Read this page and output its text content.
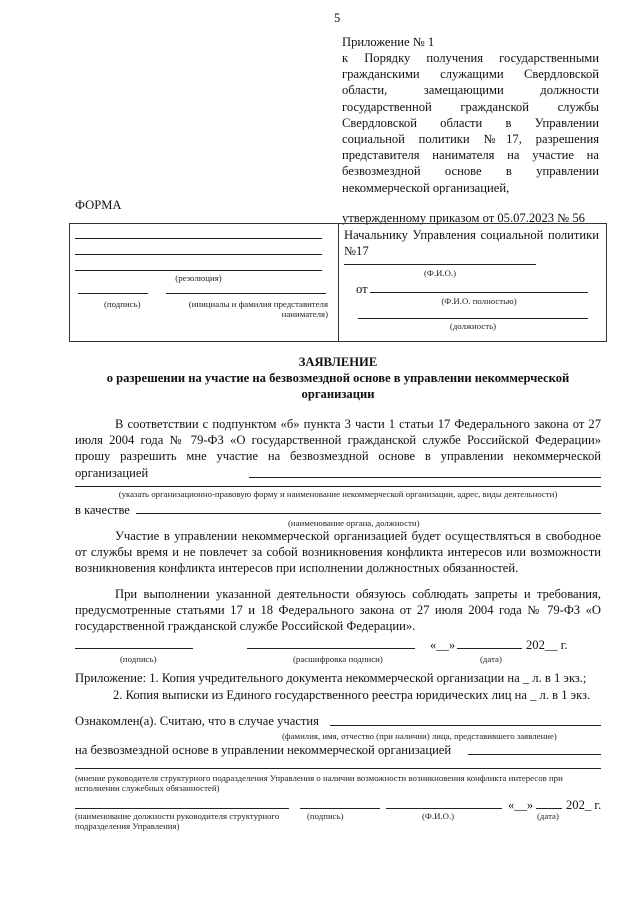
5
Приложение № 1
к Порядку получения государственными гражданскими служащими Свердловской области, замещающими должности государственной гражданской службы Свердловской области в Управлении социальной политики №17, разрешения представителя нанимателя на участие на безвозмездной основе в управлении некоммерческой организацией,
утвержденному приказом от 05.07.2023 № 56
ФОРМА
(резолюция)
(подпись)	(инициалы и фамилия представителя нанимателя)
Начальнику Управления социальной политики №17
(Ф.И.О.)
от
(Ф.И.О. полностью)
(должность)
ЗАЯВЛЕНИЕ
о разрешении на участие на безвозмездной основе в управлении некоммерческой организации
В соответствии с подпунктом «б» пункта 3 части 1 статьи 17 Федерального закона от 27 июля 2004 года № 79-ФЗ «О государственной гражданской службе Российской Федерации» прошу разрешить мне участие на безвозмездной основе в управлении некоммерческой организацией
(указать организационно-правовую форму и наименование некоммерческой организации, адрес, виды деятельности)
в качестве
(наименование органа, должности)
Участие в управлении некоммерческой организацией будет осуществляться в свободное от службы время и не повлечет за собой возникновения конфликта интересов или возможности возникновения конфликта интересов при исполнении должностных обязанностей.
При выполнении указанной деятельности обязуюсь соблюдать запреты и требования, предусмотренные статьями 17 и 18 Федерального закона от 27 июля 2004 года № 79-ФЗ «О государственной гражданской службе Российской Федерации».
«__»	202__ г.
(подпись)	(расшифровка подписи)	(дата)
Приложение: 1. Копия учредительного документа некоммерческой организации на _ л. в 1 экз.;
2. Копия выписки из Единого государственного реестра юридических лиц на _ л. в 1 экз.
Ознакомлен(а). Считаю, что в случае участия
(фамилия, имя, отчество (при наличии) лица, представившего заявление)
на безвозмездной основе в управлении некоммерческой организацией
(мнение руководителя структурного подразделения Управления о наличии возможности возникновения конфликта интересов при исполнении служебных обязанностей)
«__»	202_ г.
(наименование должности руководителя структурного подразделения Управления)
(подпись)	(Ф.И.О.)	(дата)
